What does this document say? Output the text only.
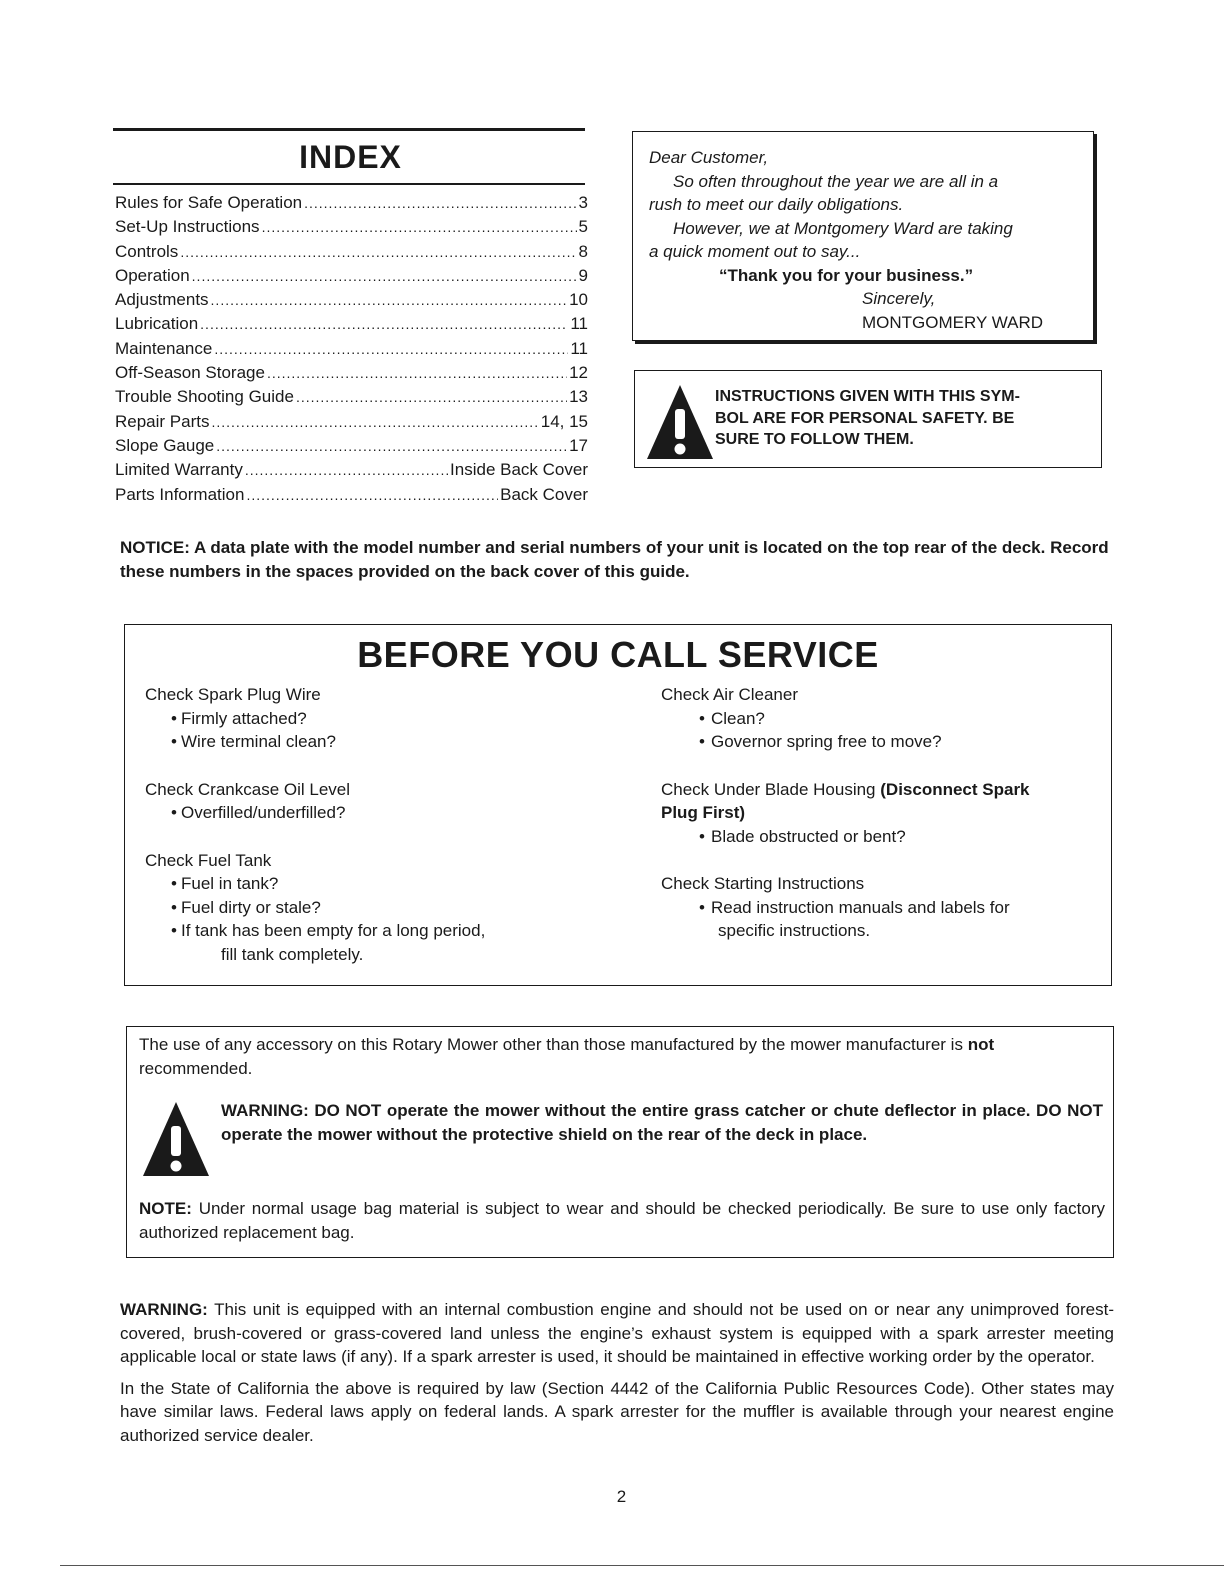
INDEX
Rules for Safe Operation .....	3
Set-Up Instructions .....	5
Controls .....	8
Operation .....	9
Adjustments .....	10
Lubrication .....	11
Maintenance .....	11
Off-Season Storage .....	12
Trouble Shooting Guide .....	13
Repair Parts .....	14, 15
Slope Gauge .....	17
Limited Warranty .....	Inside Back Cover
Parts Information .....	Back Cover

Dear Customer,

So often throughout the year we are all in a

rush to meet our daily obligations.

However, we at Montgomery Ward are taking

a quick moment out to say...

“Thank you for your business.”

Sincerely,

MONTGOMERY WARD

INSTRUCTIONS GIVEN WITH THIS SYM-
BOL ARE FOR PERSONAL SAFETY. BE
SURE TO FOLLOW THEM.
NOTICE: A data plate with the model number and serial numbers of your unit is located on the top rear of the deck. Record these numbers in the spaces provided on the back cover of this guide.
BEFORE YOU CALL SERVICE

Check Spark Plug Wire

• Firmly attached?

• Wire terminal clean?

Check Crankcase Oil Level

• Overfilled/underfilled?

Check Fuel Tank

• Fuel in tank?

• Fuel dirty or stale?

• If tank has been empty for a long period,

fill tank completely.

Check Air Cleaner

• Clean?

• Governor spring free to move?

Check Under Blade Housing (Disconnect Spark

Plug First)

• Blade obstructed or bent?

Check Starting Instructions

• Read instruction manuals and labels for

specific instructions.

The use of any accessory on this Rotary Mower other than those manufactured by the mower manufacturer is not recommended.
WARNING: DO NOT operate the mower without the entire grass catcher or chute deflector in place. DO NOT operate the mower without the protective shield on the rear of the deck in place.
NOTE: Under normal usage bag material is subject to wear and should be checked periodically. Be sure to use only factory authorized replacement bag.

WARNING: This unit is equipped with an internal combustion engine and should not be used on or near any unimproved forest-covered, brush-covered or grass-covered land unless the engine’s exhaust system is equipped with a spark arrester meeting applicable local or state laws (if any). If a spark arrester is used, it should be maintained in effective working order by the operator.

In the State of California the above is required by law (Section 4442 of the California Public Resources Code). Other states may have similar laws. Federal laws apply on federal lands. A spark arrester for the muffler is available through your nearest engine authorized service dealer.

2
